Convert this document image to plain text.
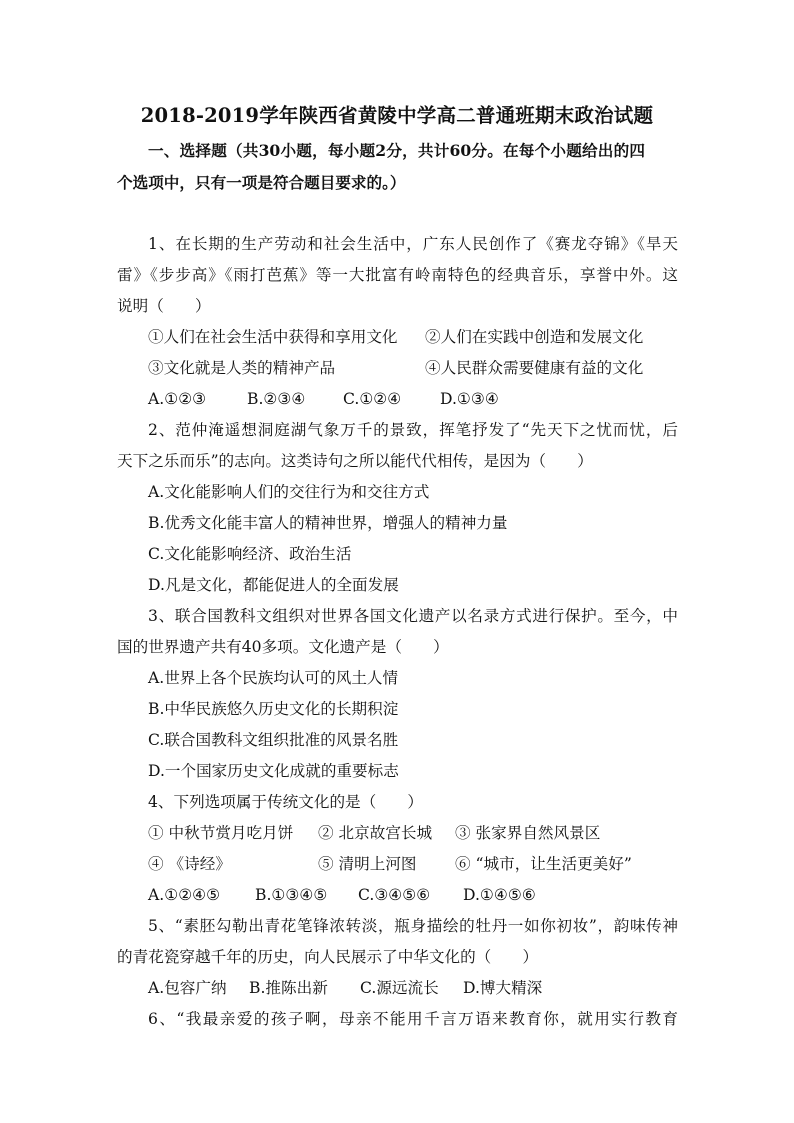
2018-2019学年陕西省黄陵中学高二普通班期末政治试题
一、选择题（共30小题，每小题2分，共计60分。在每个小题给出的四
个选项中，只有一项是符合题目要求的。）
1、在长期的生产劳动和社会生活中，广东人民创作了《赛龙夺锦》《旱天
雷》《步步高》《雨打芭蕉》等一大批富有岭南特色的经典音乐，享誉中外。这
说明（　　）
①人们在社会生活中获得和享用文化 ②人们在实践中创造和发展文化
③文化就是人类的精神产品	④人民群众需要健康有益的文化
A.①②③	B.②③④ C.①②④ D.①③④
2、范仲淹遥想洞庭湖气象万千的景致，挥笔抒发了“先天下之忧而忧，后
天下之乐而乐”的志向。这类诗句之所以能代代相传，是因为（　　）
A.文化能影响人们的交往行为和交往方式
B.优秀文化能丰富人的精神世界，增强人的精神力量
C.文化能影响经济、政治生活
D.凡是文化，都能促进人的全面发展
3、联合国教科文组织对世界各国文化遗产以名录方式进行保护。至今，中
国的世界遗产共有40多项。文化遗产是（　　）
A.世界上各个民族均认可的风土人情
B.中华民族悠久历史文化的长期积淀
C.联合国教科文组织批准的风景名胜
D.一个国家历史文化成就的重要标志
4、下列选项属于传统文化的是（　　）
① 中秋节赏月吃月饼 ② 北京故宫长城 ③ 张家界自然风景区
④ 《诗经》	⑤ 清明上河图 ⑥ “城市，让生活更美好”
A.①②④⑤ B.①③④⑤ C.③④⑤⑥ D.①④⑤⑥
5、“素胚勾勒出青花笔锋浓转淡，瓶身描绘的牡丹一如你初妆”，韵味传神
的青花瓷穿越千年的历史，向人民展示了中华文化的（　　）
A.包容广纳 B.推陈出新 C.源远流长 D.博大精深
6、“我最亲爱的孩子啊，母亲不能用千言万语来教育你，就用实行教育
